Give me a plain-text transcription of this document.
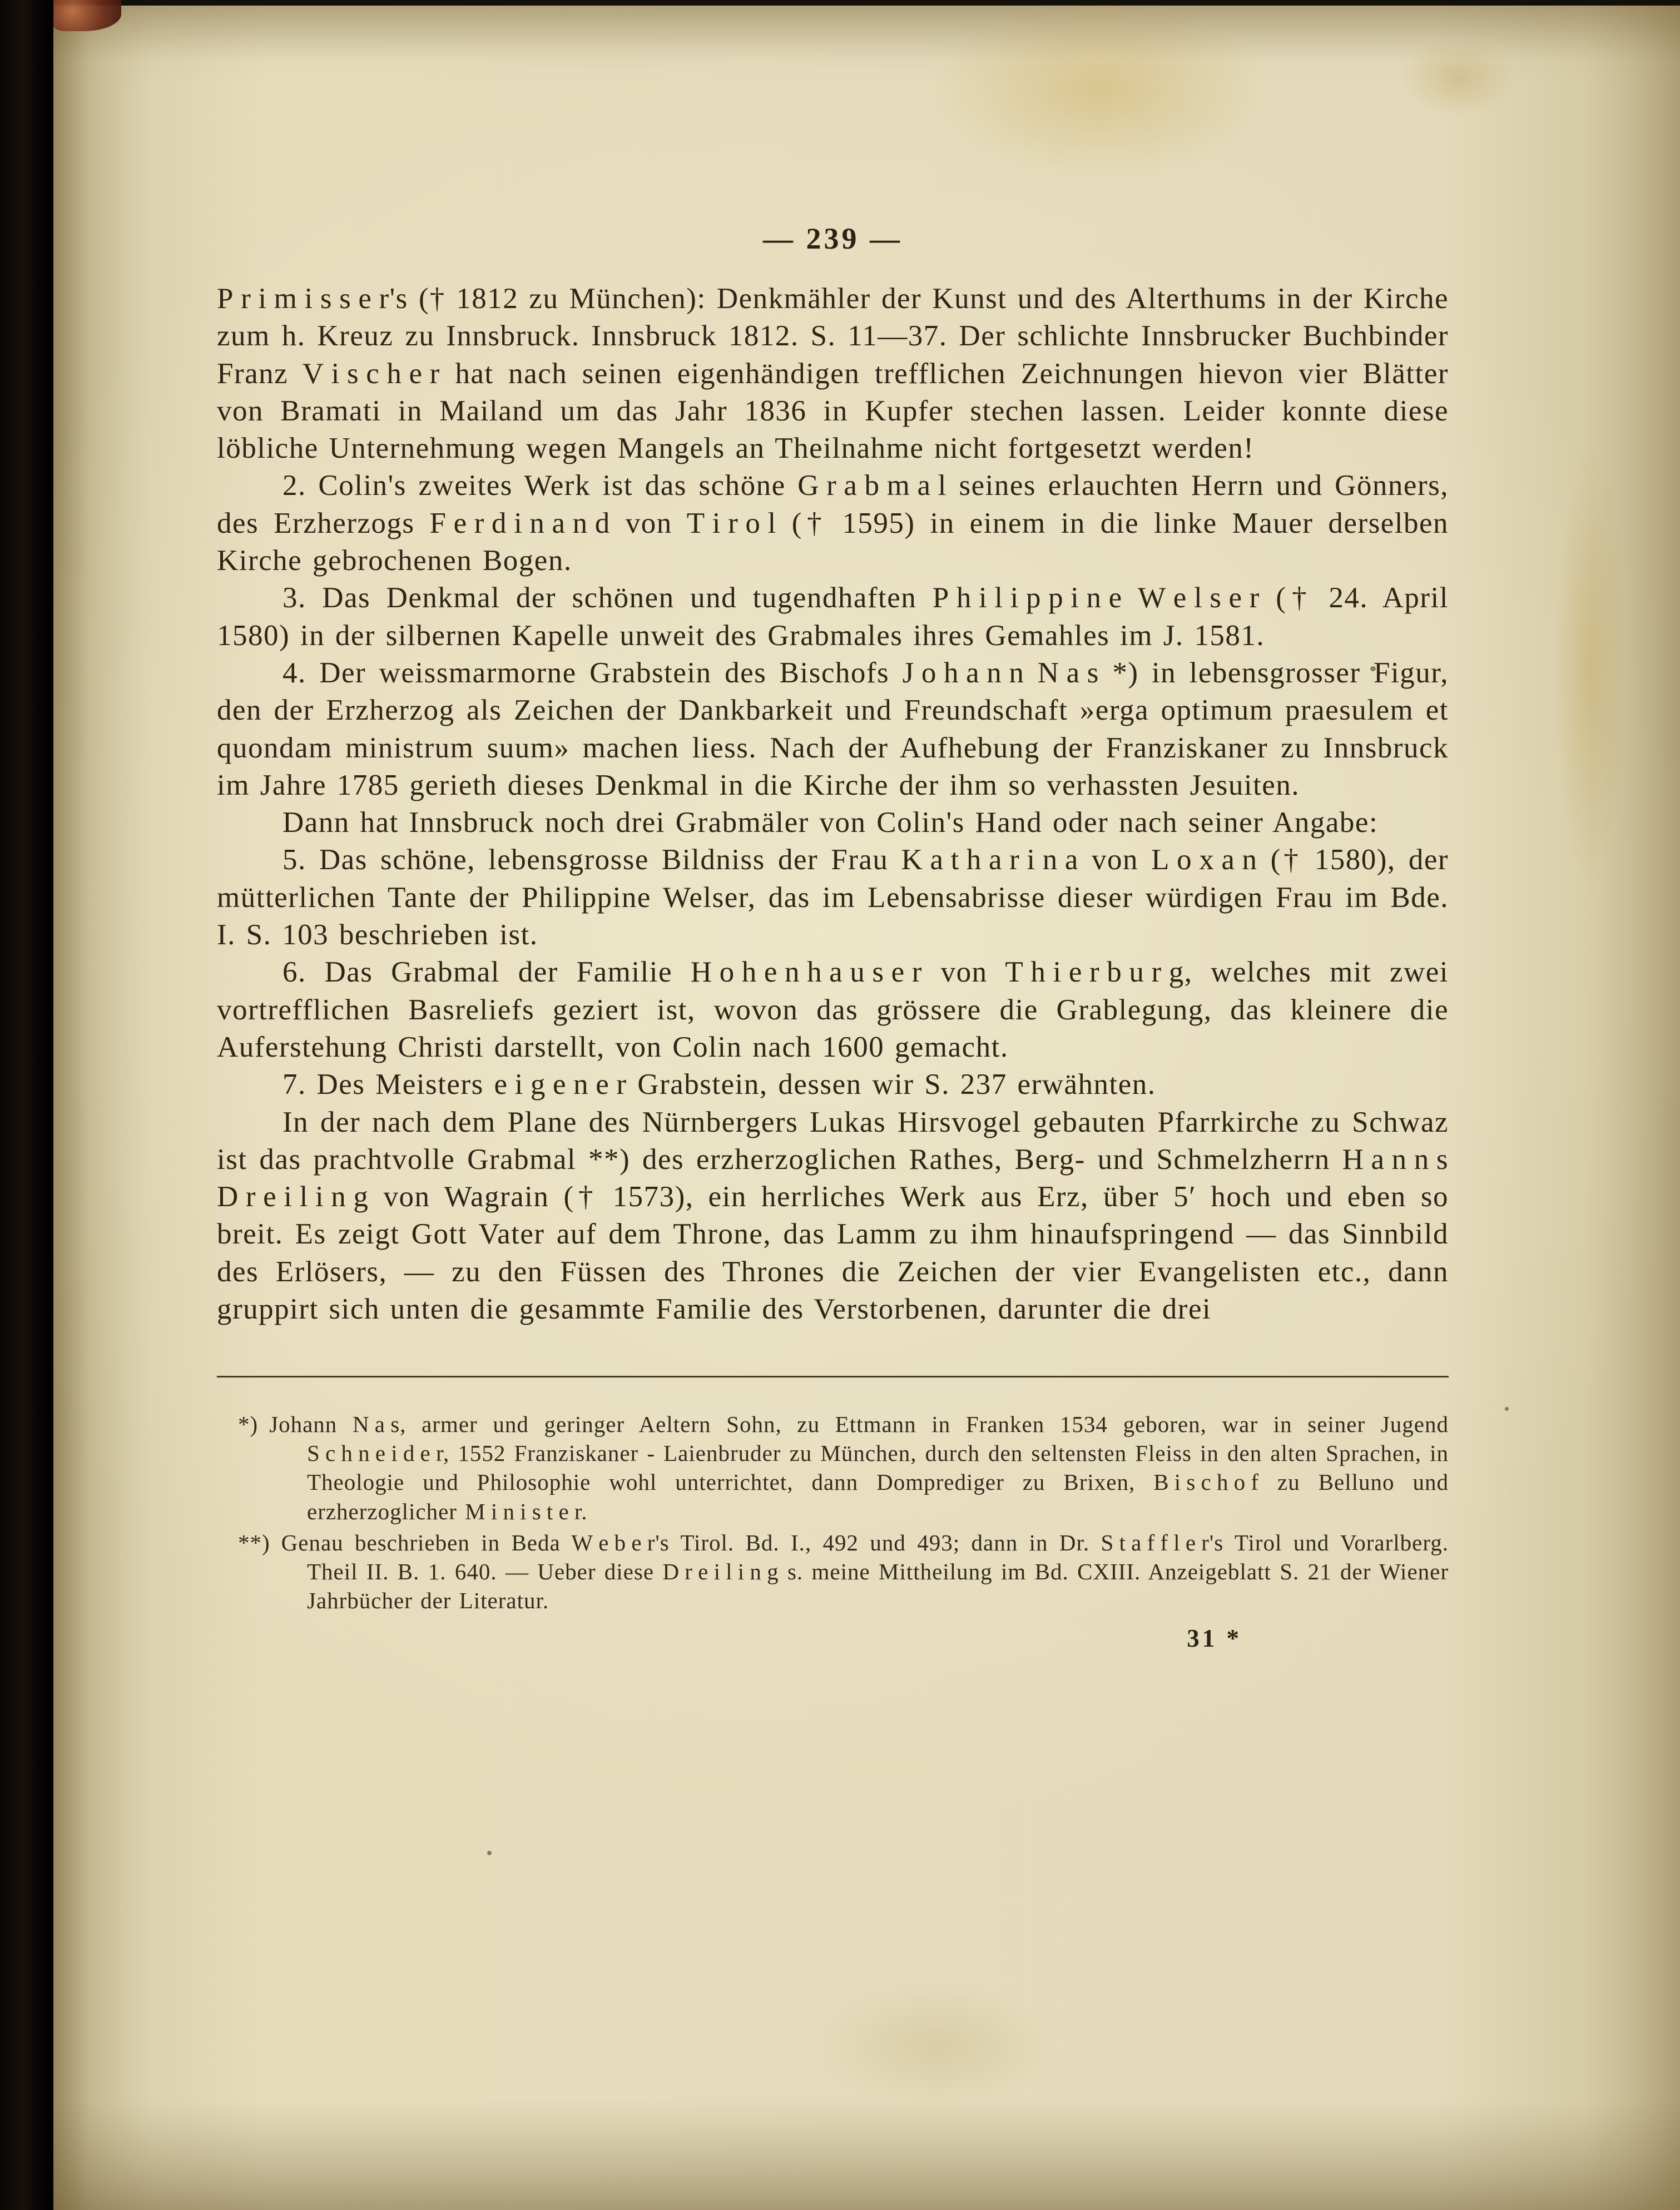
— 239 —

P r i m i s s e r's († 1812 zu München): Denkmähler der Kunst und des Alterthums in der Kirche zum h. Kreuz zu Innsbruck. Innsbruck 1812. S. 11—37. Der schlichte Innsbrucker Buchbinder Franz V i s c h e r hat nach seinen eigenhändigen trefflichen Zeichnungen hievon vier Blätter von Bramati in Mailand um das Jahr 1836 in Kupfer stechen lassen. Leider konnte diese löbliche Unternehmung wegen Mangels an Theilnahme nicht fortgesetzt werden!

2. Colin's zweites Werk ist das schöne G r a b m a l seines erlauchten Herrn und Gönners, des Erzherzogs F e r d i n a n d von T i r o l († 1595) in einem in die linke Mauer derselben Kirche gebrochenen Bogen.

3. Das Denkmal der schönen und tugendhaften P h i l i p p i n e W e l s e r († 24. April 1580) in der silbernen Kapelle unweit des Grabmales ihres Gemahles im J. 1581.

4. Der weissmarmorne Grabstein des Bischofs J o h a n n N a s *) in lebensgrosser Figur, den der Erzherzog als Zeichen der Dankbarkeit und Freundschaft »erga optimum praesulem et quondam ministrum suum» machen liess. Nach der Aufhebung der Franziskaner zu Innsbruck im Jahre 1785 gerieth dieses Denkmal in die Kirche der ihm so verhassten Jesuiten.

Dann hat Innsbruck noch drei Grabmäler von Colin's Hand oder nach seiner Angabe:

5. Das schöne, lebensgrosse Bildniss der Frau K a t h a r i n a von L o x a n († 1580), der mütterlichen Tante der Philippine Welser, das im Lebensabrisse dieser würdigen Frau im Bde. I. S. 103 beschrieben ist.

6. Das Grabmal der Familie H o h e n h a u s e r von T h i e r b u r g, welches mit zwei vortrefflichen Basreliefs geziert ist, wovon das grössere die Grablegung, das kleinere die Auferstehung Christi darstellt, von Colin nach 1600 gemacht.

7. Des Meisters e i g e n e r Grabstein, dessen wir S. 237 erwähnten.

In der nach dem Plane des Nürnbergers Lukas Hirsvogel gebauten Pfarrkirche zu Schwaz ist das prachtvolle Grabmal **) des erzherzoglichen Rathes, Berg- und Schmelzherrn H a n n s D r e i l i n g von Wagrain († 1573), ein herrliches Werk aus Erz, über 5′ hoch und eben so breit. Es zeigt Gott Vater auf dem Throne, das Lamm zu ihm hinaufspringend — das Sinnbild des Erlösers, — zu den Füssen des Thrones die Zeichen der vier Evangelisten etc., dann gruppirt sich unten die gesammte Familie des Verstorbenen, darunter die drei

*) Johann N a s, armer und geringer Aeltern Sohn, zu Ettmann in Franken 1534 geboren, war in seiner Jugend S c h n e i d e r, 1552 Franziskaner - Laienbruder zu München, durch den seltensten Fleiss in den alten Sprachen, in Theologie und Philosophie wohl unterrichtet, dann Domprediger zu Brixen, B i s c h o f zu Belluno und erzherzoglicher M i n i s t e r.

**) Genau beschrieben in Beda W e b e r's Tirol. Bd. I., 492 und 493; dann in Dr. S t a f f l e r's Tirol und Vorarlberg. Theil II. B. 1. 640. — Ueber diese D r e i l i n g s. meine Mittheilung im Bd. CXIII. Anzeigeblatt S. 21 der Wiener Jahrbücher der Literatur.

31 *
